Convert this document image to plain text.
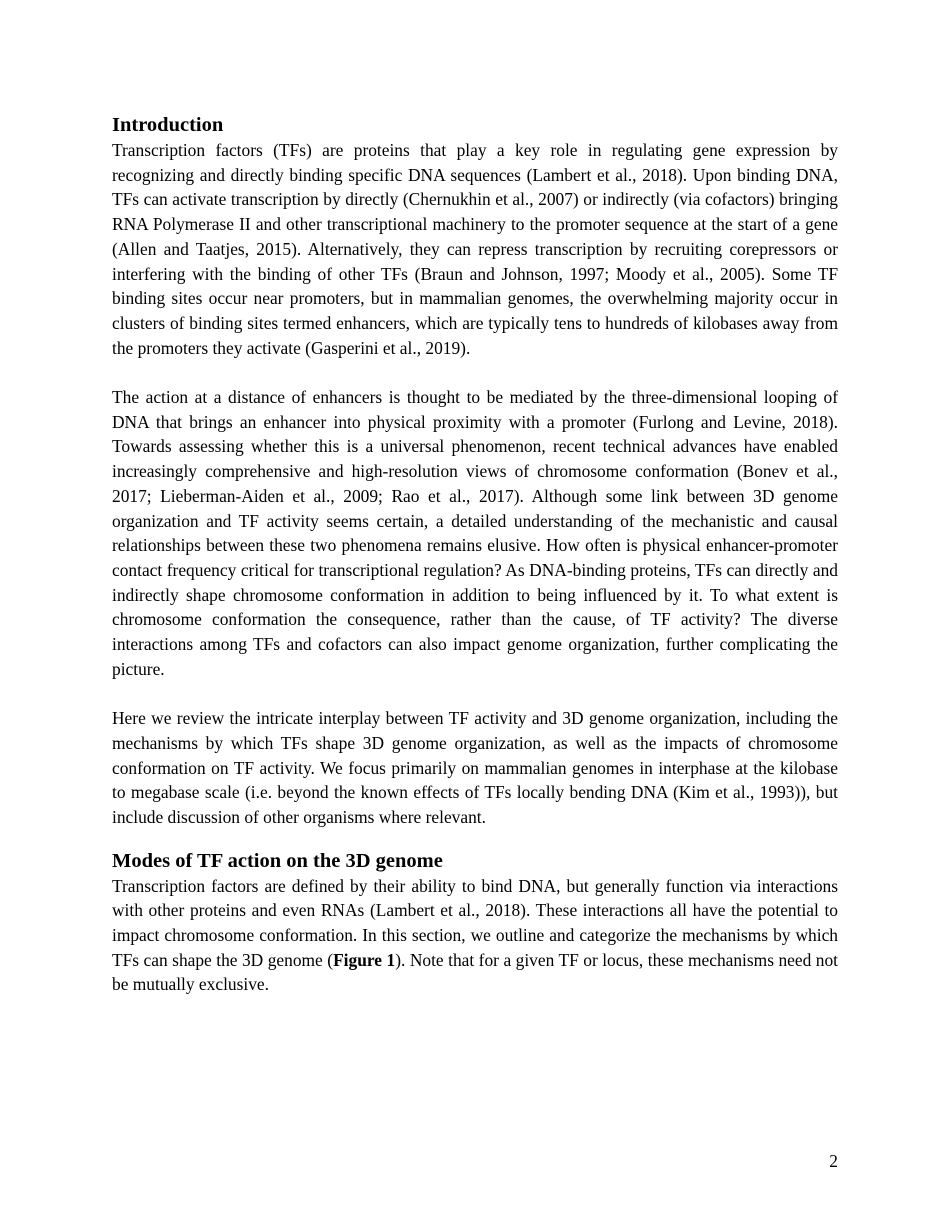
Introduction

Transcription factors (TFs) are proteins that play a key role in regulating gene expression by recognizing and directly binding specific DNA sequences (Lambert et al., 2018). Upon binding DNA, TFs can activate transcription by directly (Chernukhin et al., 2007) or indirectly (via cofactors) bringing RNA Polymerase II and other transcriptional machinery to the promoter sequence at the start of a gene (Allen and Taatjes, 2015). Alternatively, they can repress transcription by recruiting corepressors or interfering with the binding of other TFs (Braun and Johnson, 1997; Moody et al., 2005). Some TF binding sites occur near promoters, but in mammalian genomes, the overwhelming majority occur in clusters of binding sites termed enhancers, which are typically tens to hundreds of kilobases away from the promoters they activate (Gasperini et al., 2019).

The action at a distance of enhancers is thought to be mediated by the three-dimensional looping of DNA that brings an enhancer into physical proximity with a promoter (Furlong and Levine, 2018). Towards assessing whether this is a universal phenomenon, recent technical advances have enabled increasingly comprehensive and high-resolution views of chromosome conformation (Bonev et al., 2017; Lieberman-Aiden et al., 2009; Rao et al., 2017). Although some link between 3D genome organization and TF activity seems certain, a detailed understanding of the mechanistic and causal relationships between these two phenomena remains elusive. How often is physical enhancer-promoter contact frequency critical for transcriptional regulation? As DNA-binding proteins, TFs can directly and indirectly shape chromosome conformation in addition to being influenced by it. To what extent is chromosome conformation the consequence, rather than the cause, of TF activity? The diverse interactions among TFs and cofactors can also impact genome organization, further complicating the picture.

Here we review the intricate interplay between TF activity and 3D genome organization, including the mechanisms by which TFs shape 3D genome organization, as well as the impacts of chromosome conformation on TF activity. We focus primarily on mammalian genomes in interphase at the kilobase to megabase scale (i.e. beyond the known effects of TFs locally bending DNA (Kim et al., 1993)), but include discussion of other organisms where relevant.

Modes of TF action on the 3D genome

Transcription factors are defined by their ability to bind DNA, but generally function via interactions with other proteins and even RNAs (Lambert et al., 2018). These interactions all have the potential to impact chromosome conformation. In this section, we outline and categorize the mechanisms by which TFs can shape the 3D genome (Figure 1). Note that for a given TF or locus, these mechanisms need not be mutually exclusive.

2
